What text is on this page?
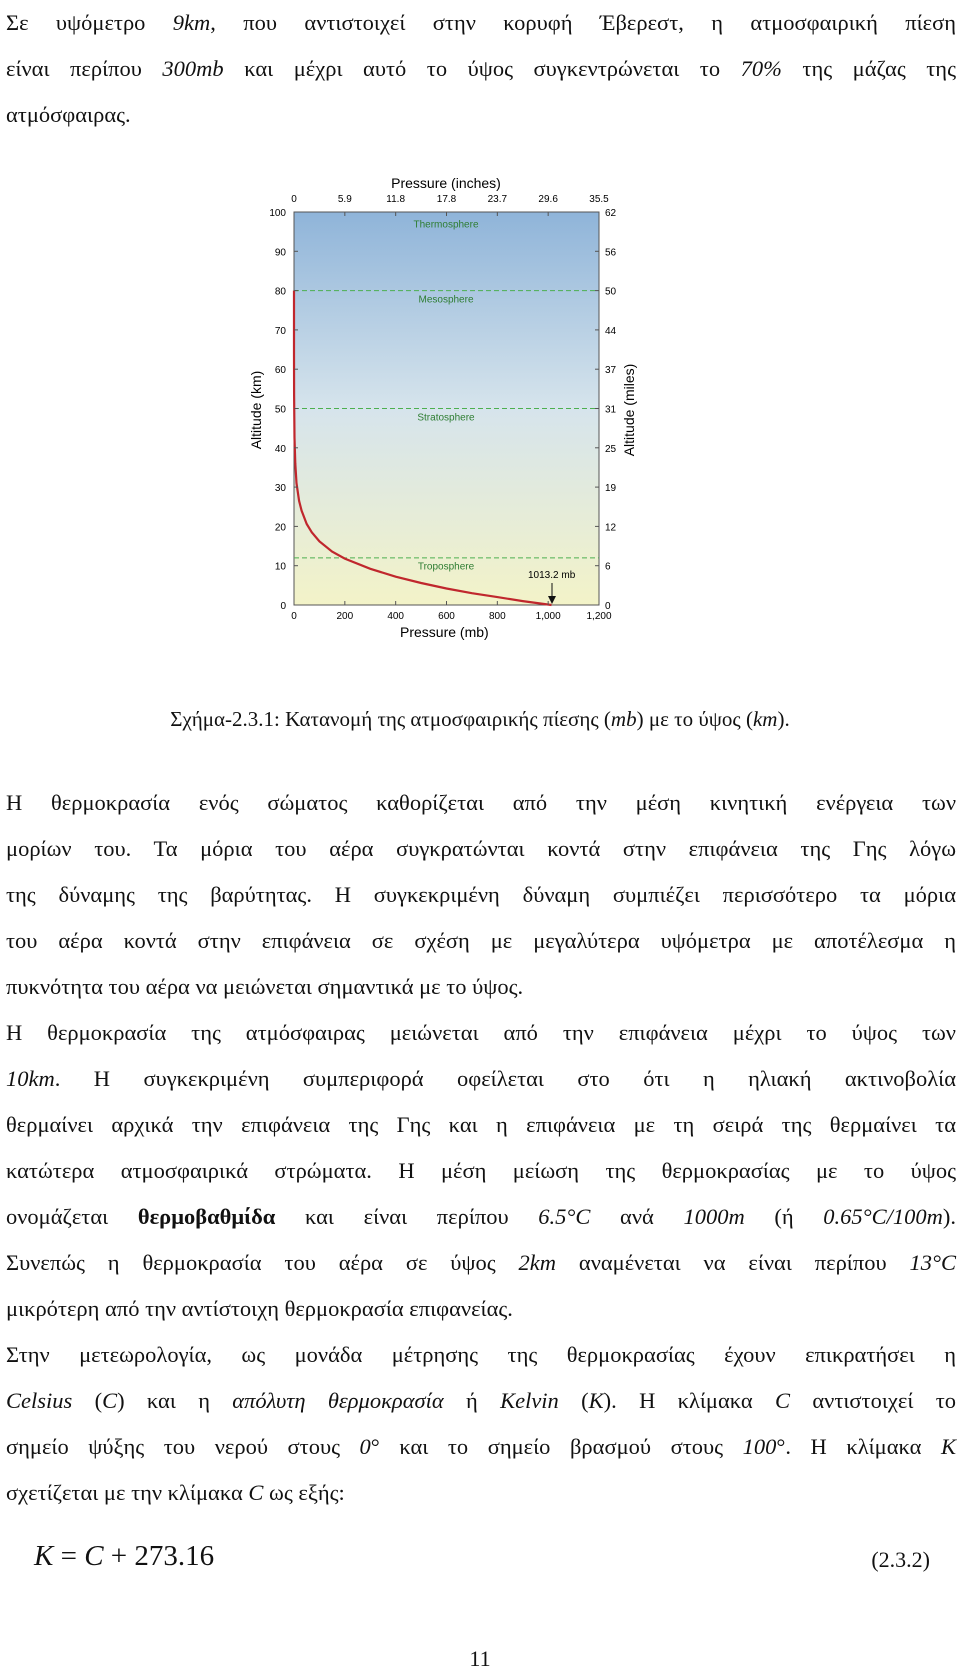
Σε υψόμετρο 9km, που αντιστοιχεί στην κορυφή Έβερεστ, η ατμοσφαιρική πίεση
είναι περίπου 300mb και μέχρι αυτό το ύψος συγκεντρώνεται το 70% της μάζας της
ατμόσφαιρας.
Pressure (inches)
Troposphere
Stratosphere
Mesosphere
Thermosphere
0	0
10	6
20	12
30	19
40	25
50	31
60	37
70	44
80	50
90	56
100	62
0
0
200
5.9
400
11.8
600
17.8
800
23.7
1,000
29.6
1,200
35.5
Pressure (mb)
Altitude (km)	Altitude (miles)
1013.2 mb
Σχήμα-2.3.1: Κατανομή της ατμοσφαιρικής πίεσης (mb) με το ύψος (km).
Η θερμοκρασία ενός σώματος καθορίζεται από την μέση κινητική ενέργεια των
μορίων του. Τα μόρια του αέρα συγκρατώνται κοντά στην επιφάνεια της Γης λόγω
της δύναμης της βαρύτητας. Η συγκεκριμένη δύναμη συμπιέζει περισσότερο τα μόρια
του αέρα κοντά στην επιφάνεια σε σχέση με μεγαλύτερα υψόμετρα με αποτέλεσμα η
πυκνότητα του αέρα να μειώνεται σημαντικά με το ύψος.
Η θερμοκρασία της ατμόσφαιρας μειώνεται από την επιφάνεια μέχρι το ύψος των
10km. Η συγκεκριμένη συμπεριφορά οφείλεται στο ότι η ηλιακή ακτινοβολία
θερμαίνει αρχικά την επιφάνεια της Γης και η επιφάνεια με τη σειρά της θερμαίνει τα
κατώτερα ατμοσφαιρικά στρώματα. Η μέση μείωση της θερμοκρασίας με το ύψος
ονομάζεται θερμοβαθμίδα και είναι περίπου 6.5°C ανά 1000m (ή 0.65°C/100m).
Συνεπώς η θερμοκρασία του αέρα σε ύψος 2km αναμένεται να είναι περίπου 13°C
μικρότερη από την αντίστοιχη θερμοκρασία επιφανείας.
Στην μετεωρολογία, ως μονάδα μέτρησης της θερμοκρασίας έχουν επικρατήσει η
Celsius (C) και η απόλυτη θερμοκρασία ή Kelvin (K). Η κλίμακα C αντιστοιχεί το
σημείο ψύξης του νερού στους 0° και το σημείο βρασμού στους 100°. Η κλίμακα K
σχετίζεται με την κλίμακα C ως εξής:
K = C + 273.16	(2.3.2)
11
